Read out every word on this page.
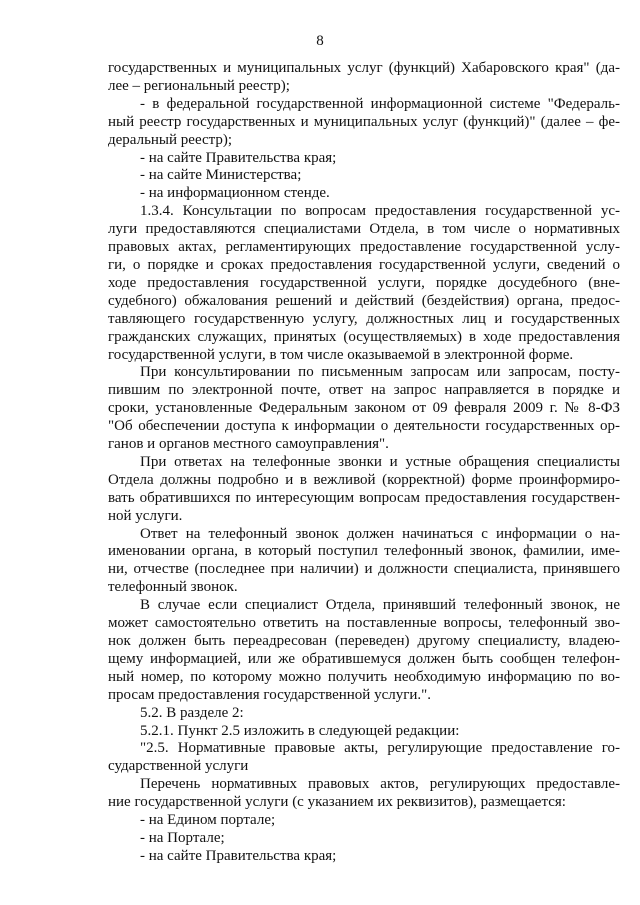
8
государственных и муниципальных услуг (функций) Хабаровского края" (да-
лее – региональный реестр);
- в федеральной государственной информационной системе "Федераль-
ный реестр государственных и муниципальных услуг (функций)" (далее – фе-
деральный реестр);
- на сайте Правительства края;
- на сайте Министерства;
- на информационном стенде.
1.3.4. Консультации по вопросам предоставления государственной ус-
луги предоставляются специалистами Отдела, в том числе о нормативных
правовых актах, регламентирующих предоставление государственной услу-
ги, о порядке и сроках предоставления государственной услуги, сведений о
ходе предоставления государственной услуги, порядке досудебного (вне-
судебного) обжалования решений и действий (бездействия) органа, предос-
тавляющего государственную услугу, должностных лиц и государственных
гражданских служащих, принятых (осуществляемых) в ходе предоставления
государственной услуги, в том числе оказываемой в электронной форме.
При консультировании по письменным запросам или запросам, посту-
пившим по электронной почте, ответ на запрос направляется в порядке и
сроки, установленные Федеральным законом от 09 февраля 2009 г. № 8-ФЗ
"Об обеспечении доступа к информации о деятельности государственных ор-
ганов и органов местного самоуправления".
При ответах на телефонные звонки и устные обращения специалисты
Отдела должны подробно и в вежливой (корректной) форме проинформиро-
вать обратившихся по интересующим вопросам предоставления государствен-
ной услуги.
Ответ на телефонный звонок должен начинаться с информации о на-
именовании органа, в который поступил телефонный звонок, фамилии, име-
ни, отчестве (последнее при наличии) и должности специалиста, принявшего
телефонный звонок.
В случае если специалист Отдела, принявший телефонный звонок, не
может самостоятельно ответить на поставленные вопросы, телефонный зво-
нок должен быть переадресован (переведен) другому специалисту, владею-
щему информацией, или же обратившемуся должен быть сообщен телефон-
ный номер, по которому можно получить необходимую информацию по во-
просам предоставления государственной услуги.".
5.2. В разделе 2:
5.2.1. Пункт 2.5 изложить в следующей редакции:
"2.5. Нормативные правовые акты, регулирующие предоставление го-
сударственной услуги
Перечень нормативных правовых актов, регулирующих предоставле-
ние государственной услуги (с указанием их реквизитов), размещается:
- на Едином портале;
- на Портале;
- на сайте Правительства края;
